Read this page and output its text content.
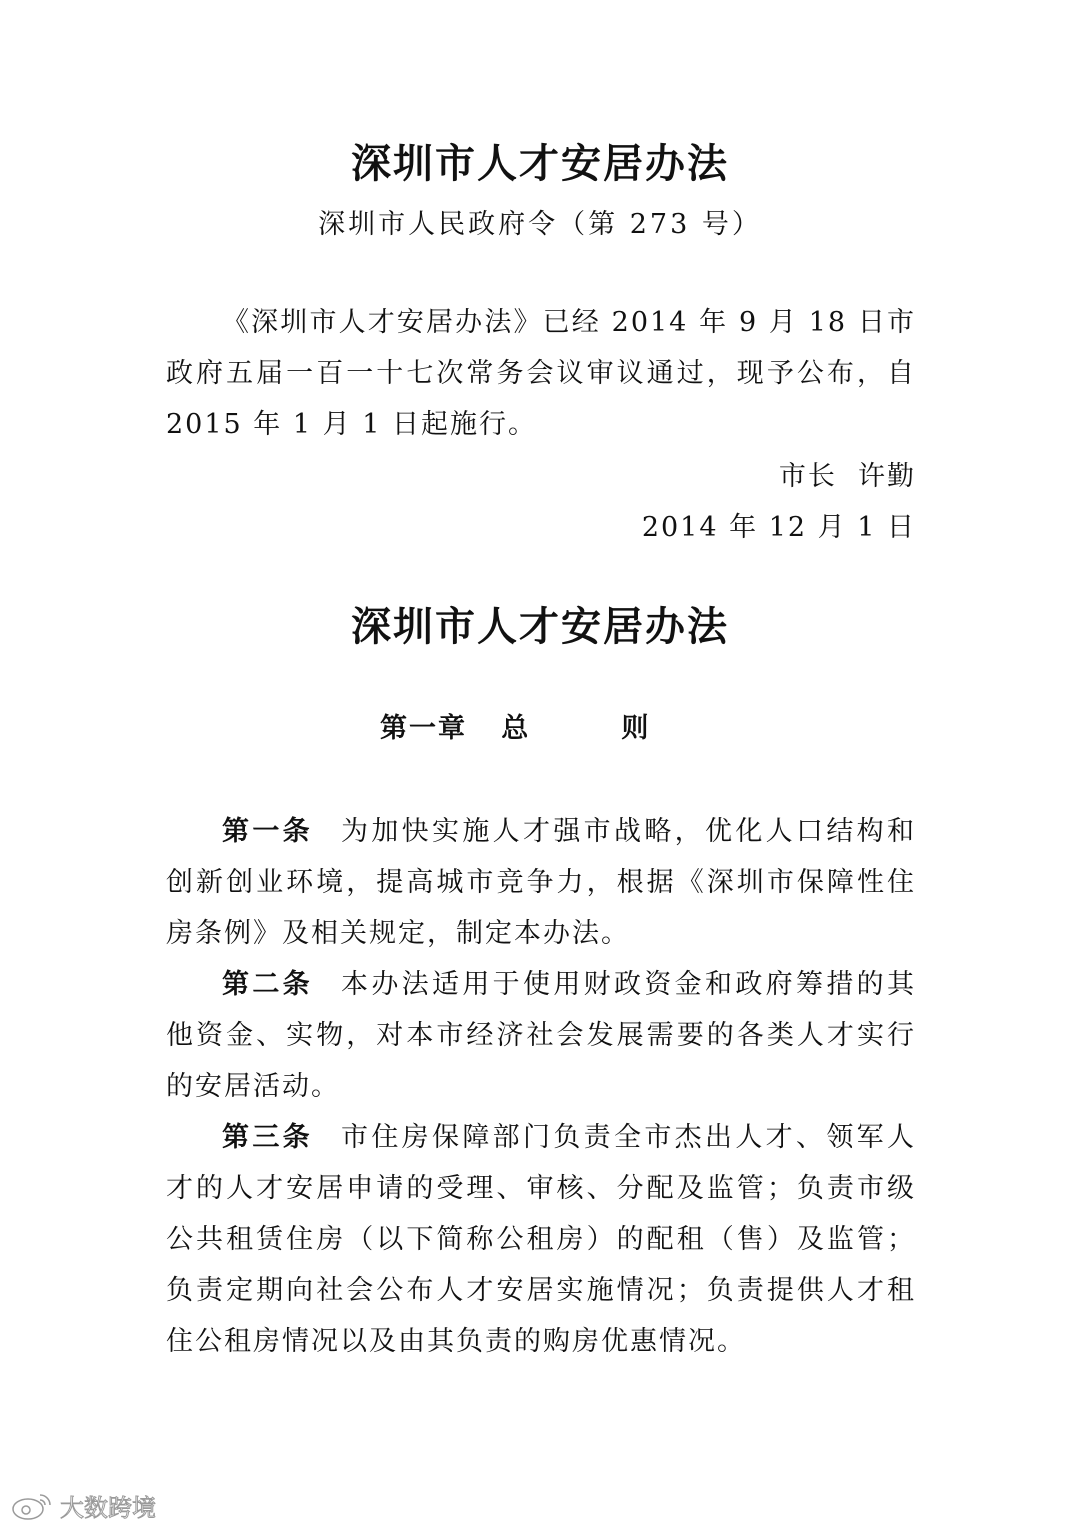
深圳市人才安居办法
深圳市人民政府令（第 273 号）

《深圳市人才安居办法》已经 2014 年 9 月 18 日市政府五届一百一十七次常务会议审议通过，现予公布，自 2015 年 1 月 1 日起施行。

市长  许勤
2014 年 12 月 1 日
深圳市人才安居办法
第一章   总        则

第一条 为加快实施人才强市战略，优化人口结构和创新创业环境，提高城市竞争力，根据《深圳市保障性住房条例》及相关规定，制定本办法。

第二条 本办法适用于使用财政资金和政府筹措的其他资金、实物，对本市经济社会发展需要的各类人才实行的安居活动。

第三条 市住房保障部门负责全市杰出人才、领军人才的人才安居申请的受理、审核、分配及监管；负责市级公共租赁住房（以下简称公租房）的配租（售）及监管；负责定期向社会公布人才安居实施情况；负责提供人才租住公租房情况以及由其负责的购房优惠情况。

大数跨境
